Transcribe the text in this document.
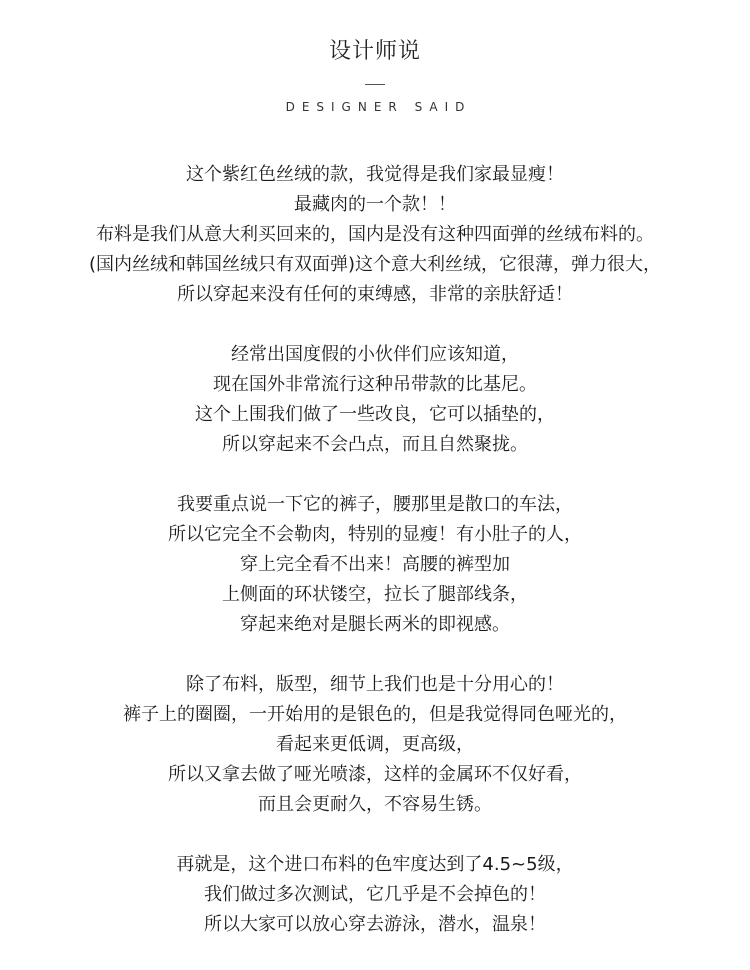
设计师说
DESIGNER SAID
这个紫红色丝绒的款，我觉得是我们家最显瘦！
最藏肉的一个款！！
布料是我们从意大利买回来的，国内是没有这种四面弹的丝绒布料的。
(国内丝绒和韩国丝绒只有双面弹)这个意大利丝绒，它很薄，弹力很大，
所以穿起来没有任何的束缚感，非常的亲肤舒适！
经常出国度假的小伙伴们应该知道，
现在国外非常流行这种吊带款的比基尼。
这个上围我们做了一些改良，它可以插垫的，
所以穿起来不会凸点，而且自然聚拢。
我要重点说一下它的裤子，腰那里是散口的车法，
所以它完全不会勒肉，特别的显瘦！有小肚子的人，
穿上完全看不出来！高腰的裤型加
上侧面的环状镂空，拉长了腿部线条，
穿起来绝对是腿长两米的即视感。
除了布料，版型，细节上我们也是十分用心的！
裤子上的圈圈，一开始用的是银色的，但是我觉得同色哑光的，
看起来更低调，更高级，
所以又拿去做了哑光喷漆，这样的金属环不仅好看，
而且会更耐久，不容易生锈。
再就是，这个进口布料的色牢度达到了4.5~5级，
我们做过多次测试，它几乎是不会掉色的！
所以大家可以放心穿去游泳，潜水，温泉！
